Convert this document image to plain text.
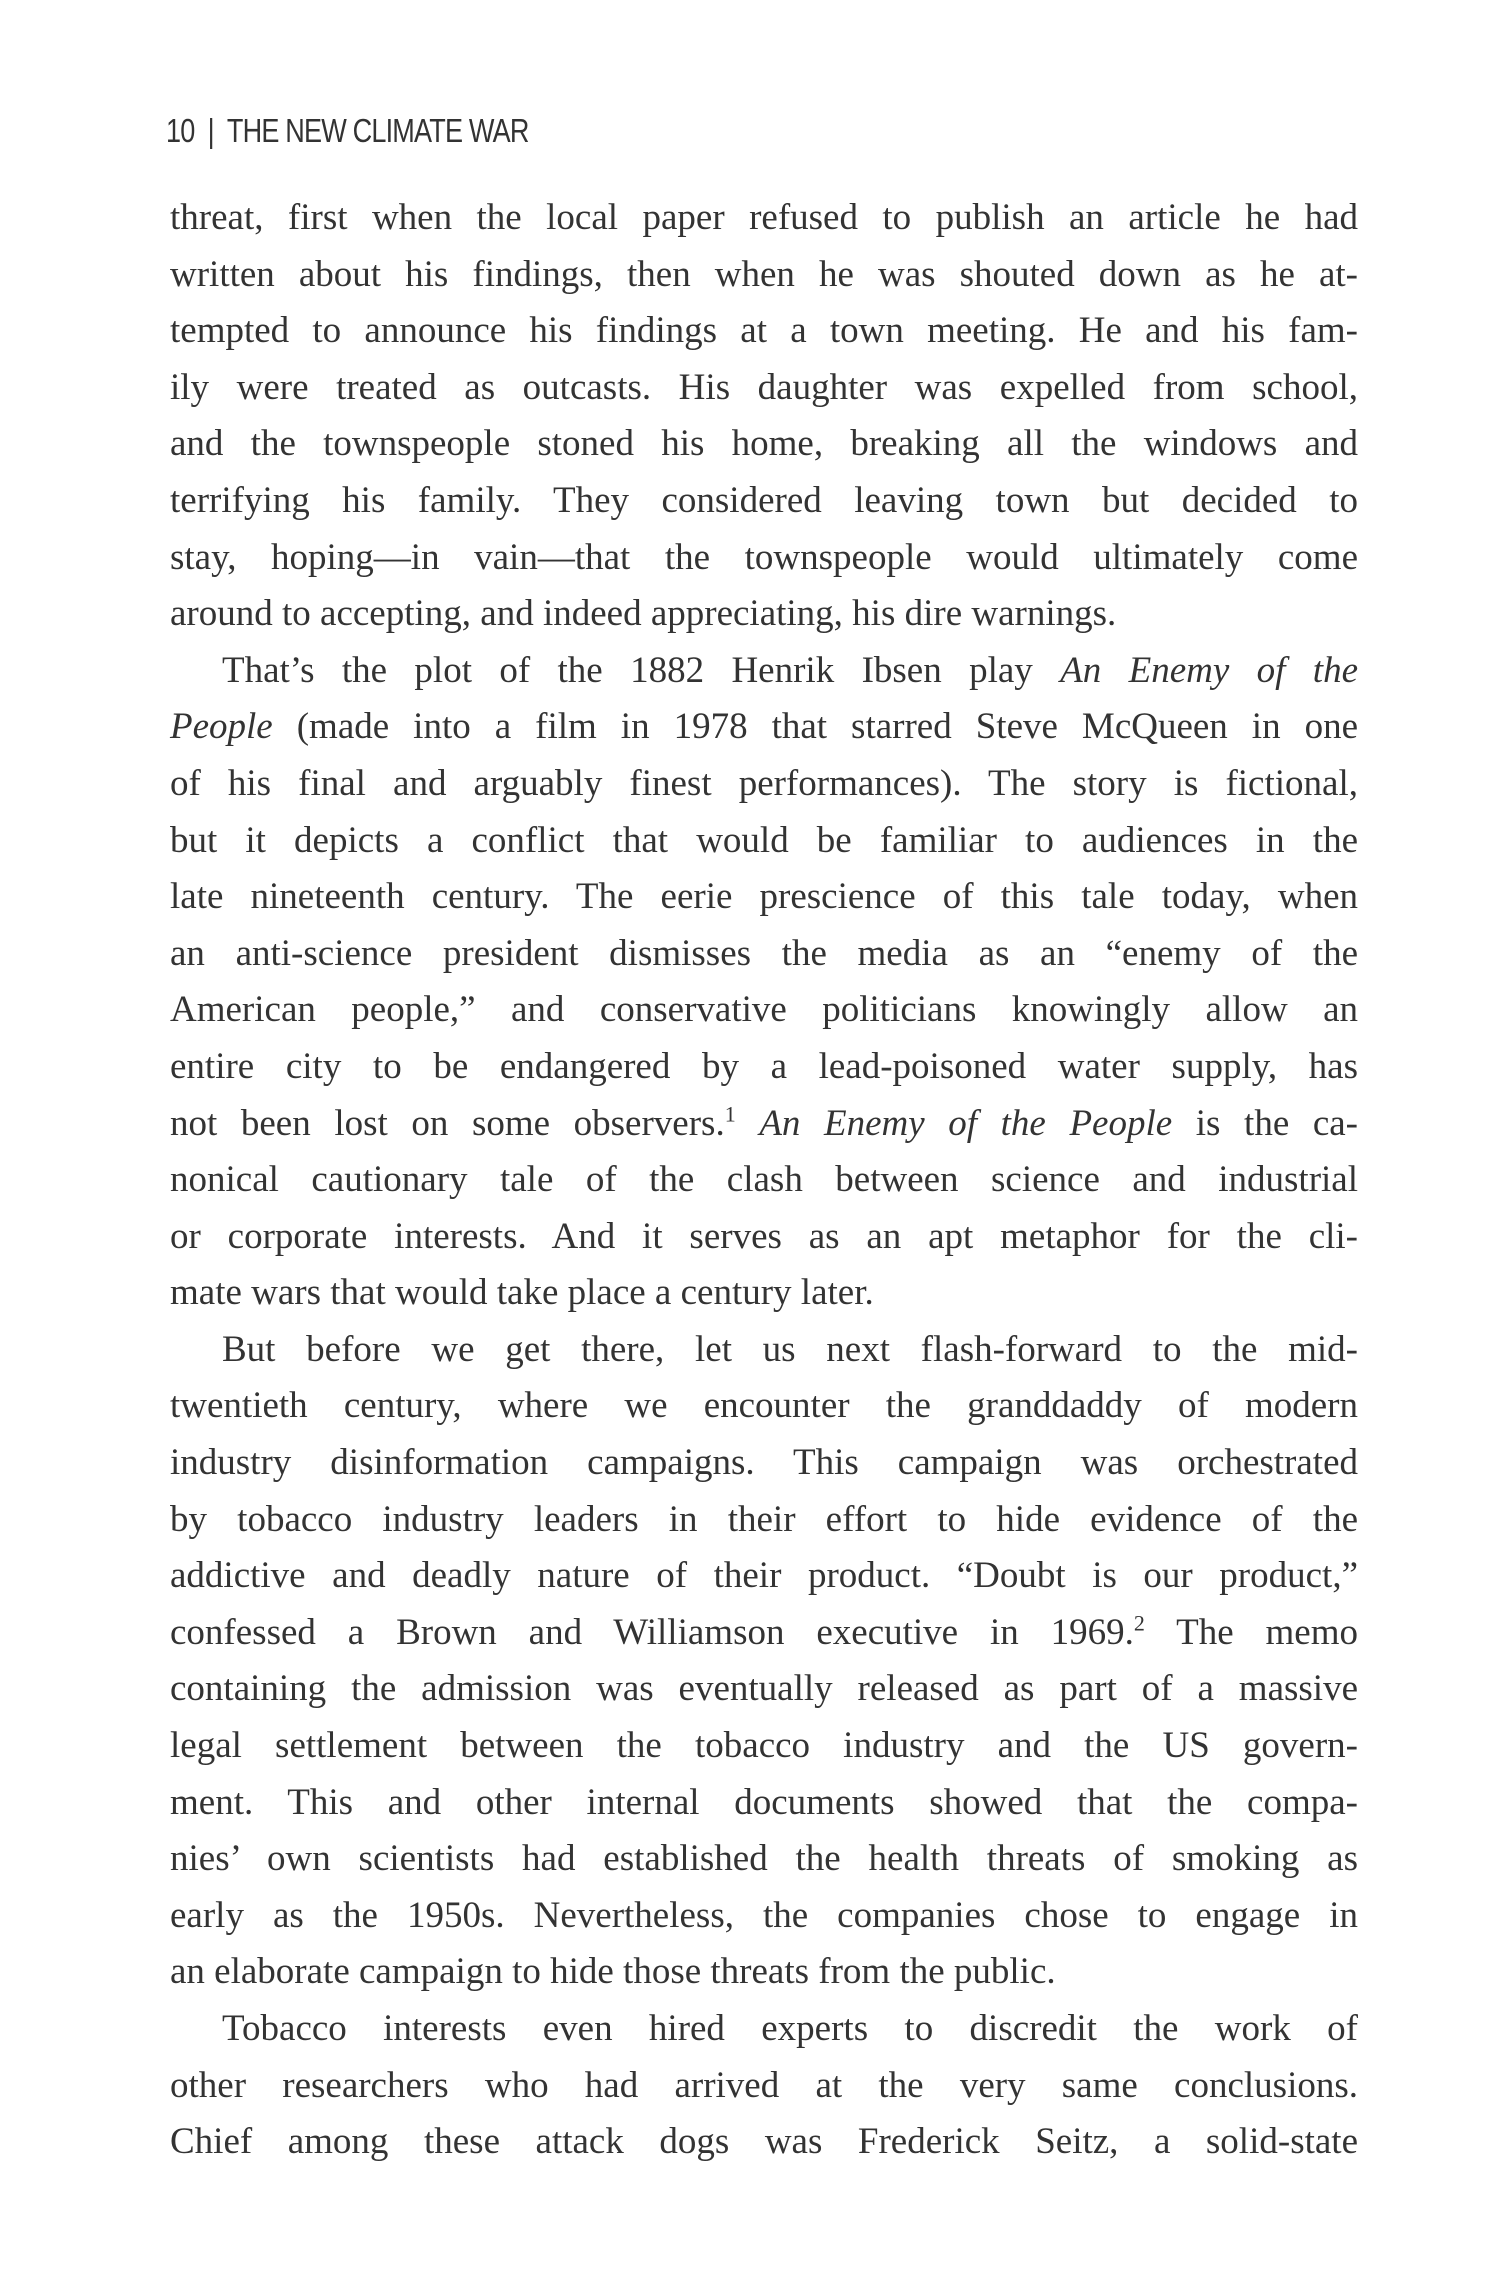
10 | THE NEW CLIMATE WAR
threat, first when the local paper refused to publish an article he had
written about his findings, then when he was shouted down as he at-
tempted to announce his findings at a town meeting. He and his fam-
ily were treated as outcasts. His daughter was expelled from school,
and the townspeople stoned his home, breaking all the windows and
terrifying his family. They considered leaving town but decided to
stay, hoping—in vain—that the townspeople would ultimately come
around to accepting, and indeed appreciating, his dire warnings.
That’s the plot of the 1882 Henrik Ibsen play An Enemy of the
People (made into a film in 1978 that starred Steve McQueen in one
of his final and arguably finest performances). The story is fictional,
but it depicts a conflict that would be familiar to audiences in the
late nineteenth century. The eerie prescience of this tale today, when
an anti-science president dismisses the media as an “enemy of the
American people,” and conservative politicians knowingly allow an
entire city to be endangered by a lead-poisoned water supply, has
not been lost on some observers.$^1$ An Enemy of the People is the ca-
nonical cautionary tale of the clash between science and industrial
or corporate interests. And it serves as an apt metaphor for the cli-
mate wars that would take place a century later.
But before we get there, let us next flash-forward to the mid-
twentieth century, where we encounter the granddaddy of modern
industry disinformation campaigns. This campaign was orchestrated
by tobacco industry leaders in their effort to hide evidence of the
addictive and deadly nature of their product. “Doubt is our product,”
confessed a Brown and Williamson executive in 1969.$^2$ The memo
containing the admission was eventually released as part of a massive
legal settlement between the tobacco industry and the US govern-
ment. This and other internal documents showed that the compa-
nies’ own scientists had established the health threats of smoking as
early as the 1950s. Nevertheless, the companies chose to engage in
an elaborate campaign to hide those threats from the public.
Tobacco interests even hired experts to discredit the work of
other researchers who had arrived at the very same conclusions.
Chief among these attack dogs was Frederick Seitz, a solid-state
